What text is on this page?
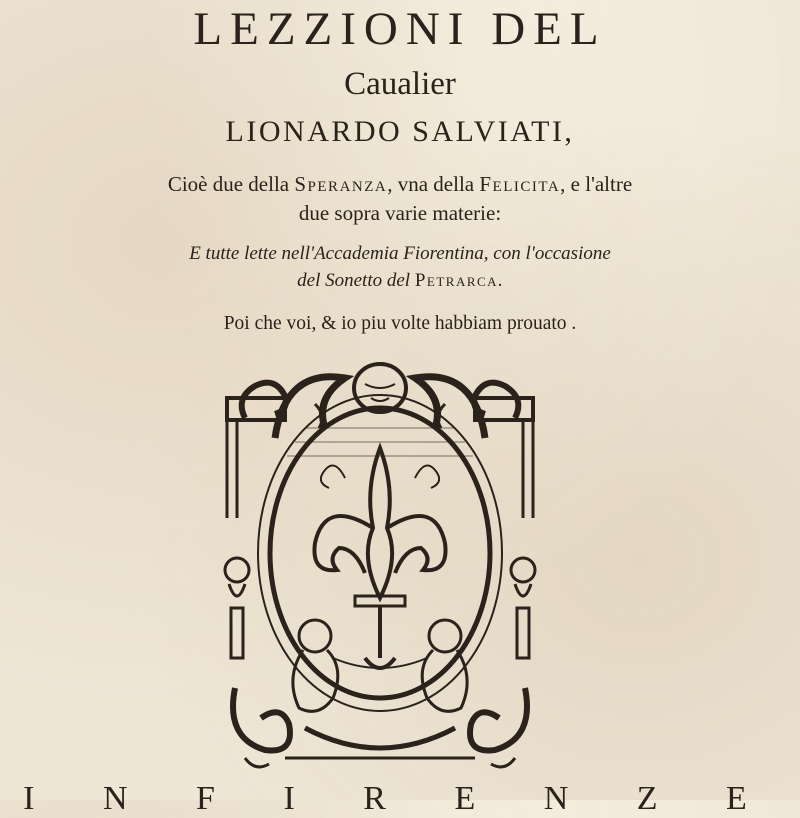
LEZZIONI DEL
Caualier
LIONARDO SALVIATI,
Cioè due della Speranza, vna della Felicita, e l'altre
due sopra varie materie:
E tutte lette nell'Accademia Fiorentina, con l'occasione
del Sonetto del Petrarca.
Poi che voi, & io piu volte habbiam prouato .
I N F I R E N Z E
